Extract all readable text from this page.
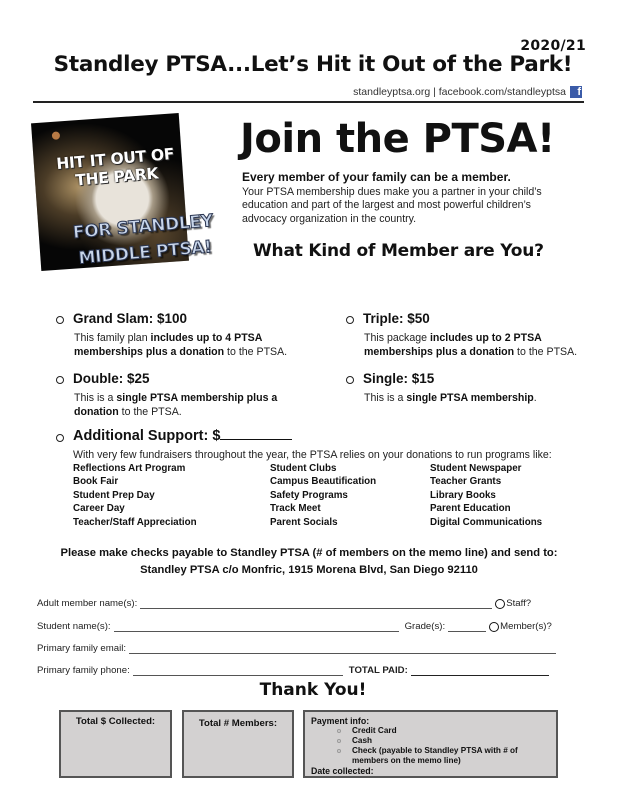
2020/21
Standley PTSA...Let’s Hit it Out of the Park!
standleyptsa.org | facebook.com/standleyptsa	f
HIT IT OUT OF THE PARK
FOR STANDLEY MIDDLE PTSA!
Join the PTSA!
Every member of your family can be a member.
Your PTSA membership dues make you a partner in your child’s education and part of the largest and most powerful children’s advocacy organization in the country.
What Kind of Member are You?
Grand Slam: $100
This family plan includes up to 4 PTSA memberships plus a donation to the PTSA.
Triple: $50
This package includes up to 2 PTSA memberships plus a donation to the PTSA.
Double: $25
This is a single PTSA membership plus a donation to the PTSA.
Single: $15
This is a single PTSA membership.
Additional Support: $
With very few fundraisers throughout the year, the PTSA relies on your donations to run programs like:
Reflections Art Program	Student Clubs	Student Newspaper
Book Fair	Campus Beautification	Teacher Grants
Student Prep Day	Safety Programs	Library Books
Career Day	Track Meet	Parent Education
Teacher/Staff Appreciation	Parent Socials	Digital Communications
Please make checks payable to Standley PTSA (# of members on the memo line) and send to:
Standley PTSA c/o Monfric, 1915 Morena Blvd, San Diego 92110
Adult member name(s):	Staff?
Student name(s):	Grade(s):	Member(s)?
Primary family email:
Primary family phone:	TOTAL PAID:
Thank You!
Total $ Collected:	Total # Members:	Payment info:
Credit Card
Cash
Check (payable to Standley PTSA with # of members on the memo line)
Date collected:
